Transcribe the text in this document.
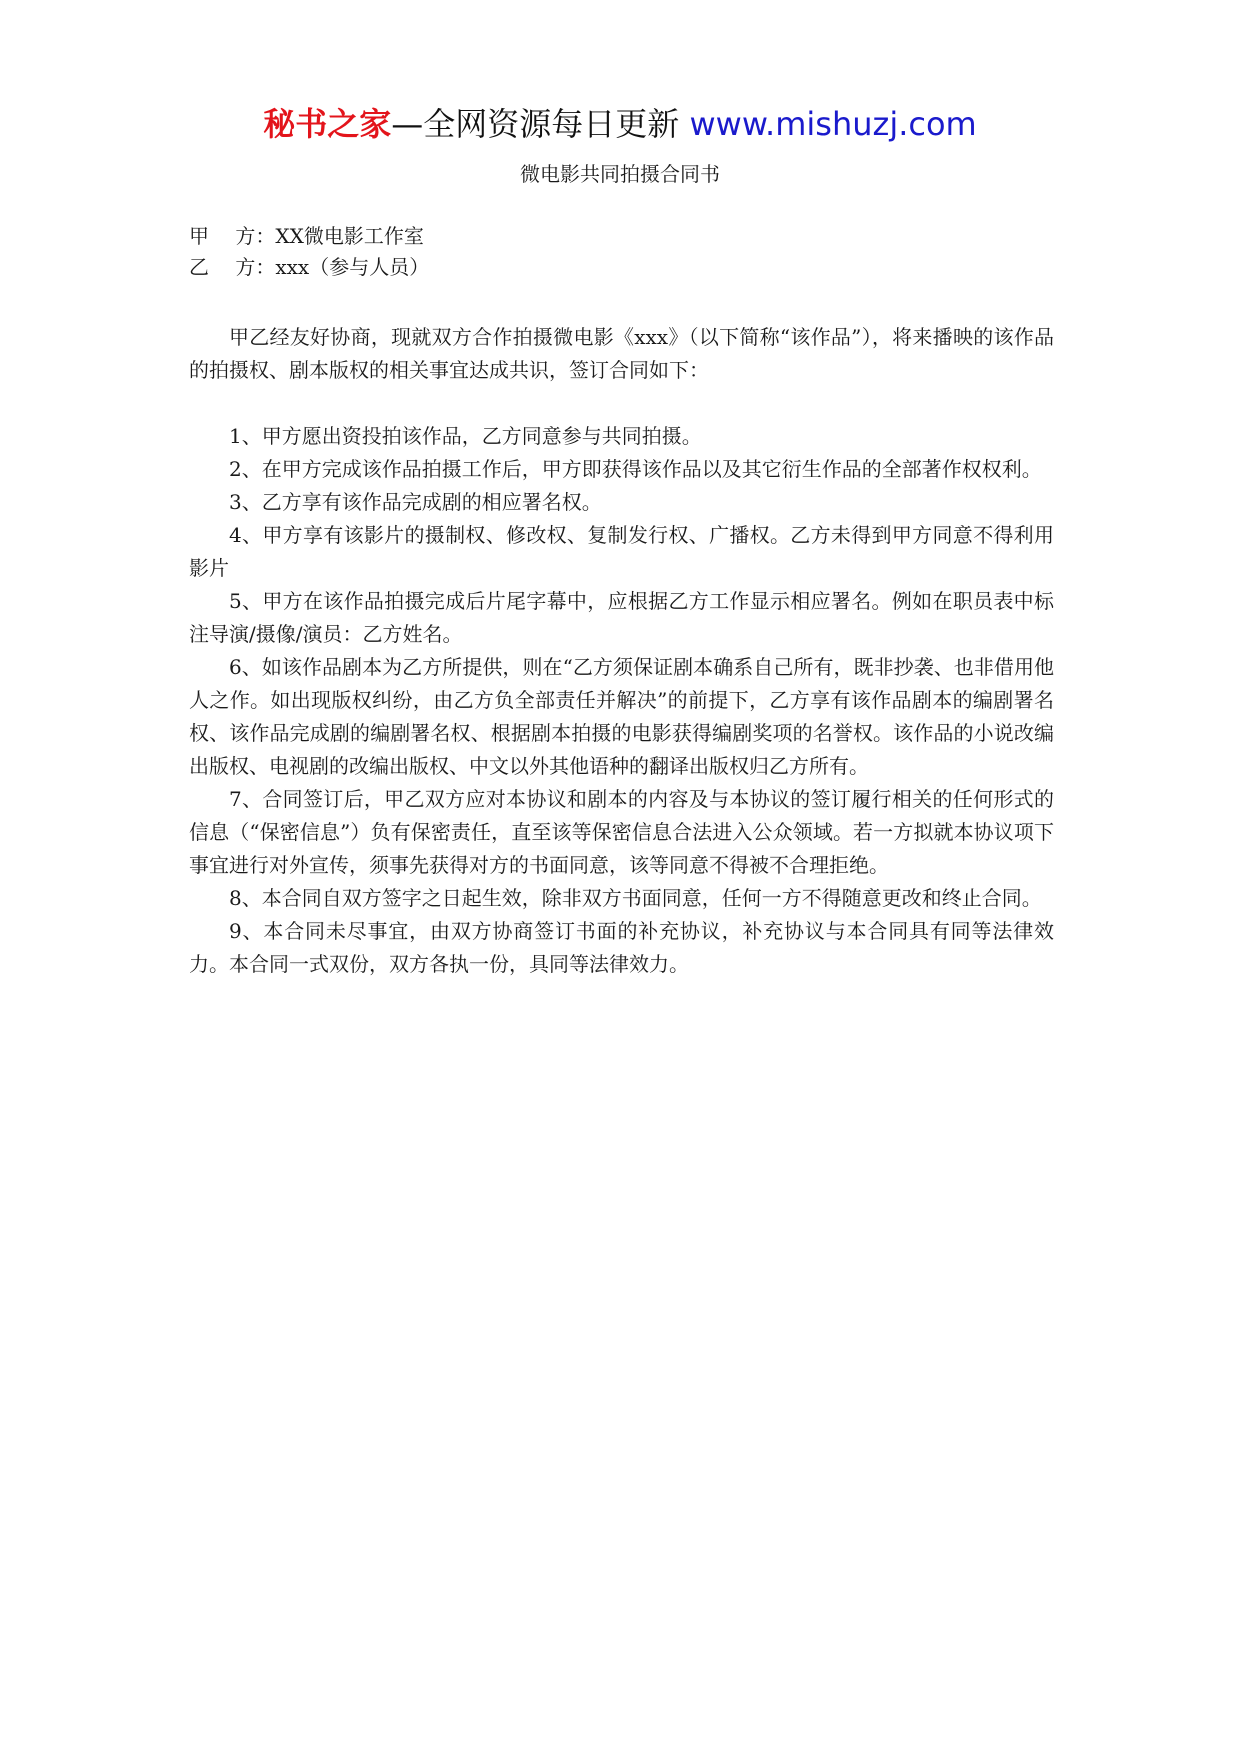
秘书之家—全网资源每日更新 www.mishuzj.com
微电影共同拍摄合同书
甲　 方：XX微电影工作室
乙　 方：xxx（参与人员）

甲乙经友好协商，现就双方合作拍摄微电影《xxx》（以下简称“该作品”），将来播映的该作品的拍摄权、剧本版权的相关事宜达成共识，签订合同如下：

1、甲方愿出资投拍该作品，乙方同意参与共同拍摄。

2、在甲方完成该作品拍摄工作后，甲方即获得该作品以及其它衍生作品的全部著作权权利。

3、乙方享有该作品完成剧的相应署名权。

4、甲方享有该影片的摄制权、修改权、复制发行权、广播权。乙方未得到甲方同意不得利用影片

5、甲方在该作品拍摄完成后片尾字幕中，应根据乙方工作显示相应署名。例如在职员表中标注导演/摄像/演员：乙方姓名。

6、如该作品剧本为乙方所提供，则在“乙方须保证剧本确系自己所有，既非抄袭、也非借用他人之作。如出现版权纠纷，由乙方负全部责任并解决”的前提下，乙方享有该作品剧本的编剧署名权、该作品完成剧的编剧署名权、根据剧本拍摄的电影获得编剧奖项的名誉权。该作品的小说改编出版权、电视剧的改编出版权、中文以外其他语种的翻译出版权归乙方所有。

7、合同签订后，甲乙双方应对本协议和剧本的内容及与本协议的签订履行相关的任何形式的信息（“保密信息”）负有保密责任，直至该等保密信息合法进入公众领域。若一方拟就本协议项下事宜进行对外宣传，须事先获得对方的书面同意，该等同意不得被不合理拒绝。

8、本合同自双方签字之日起生效，除非双方书面同意，任何一方不得随意更改和终止合同。

9、本合同未尽事宜，由双方协商签订书面的补充协议，补充协议与本合同具有同等法律效力。本合同一式双份，双方各执一份，具同等法律效力。
